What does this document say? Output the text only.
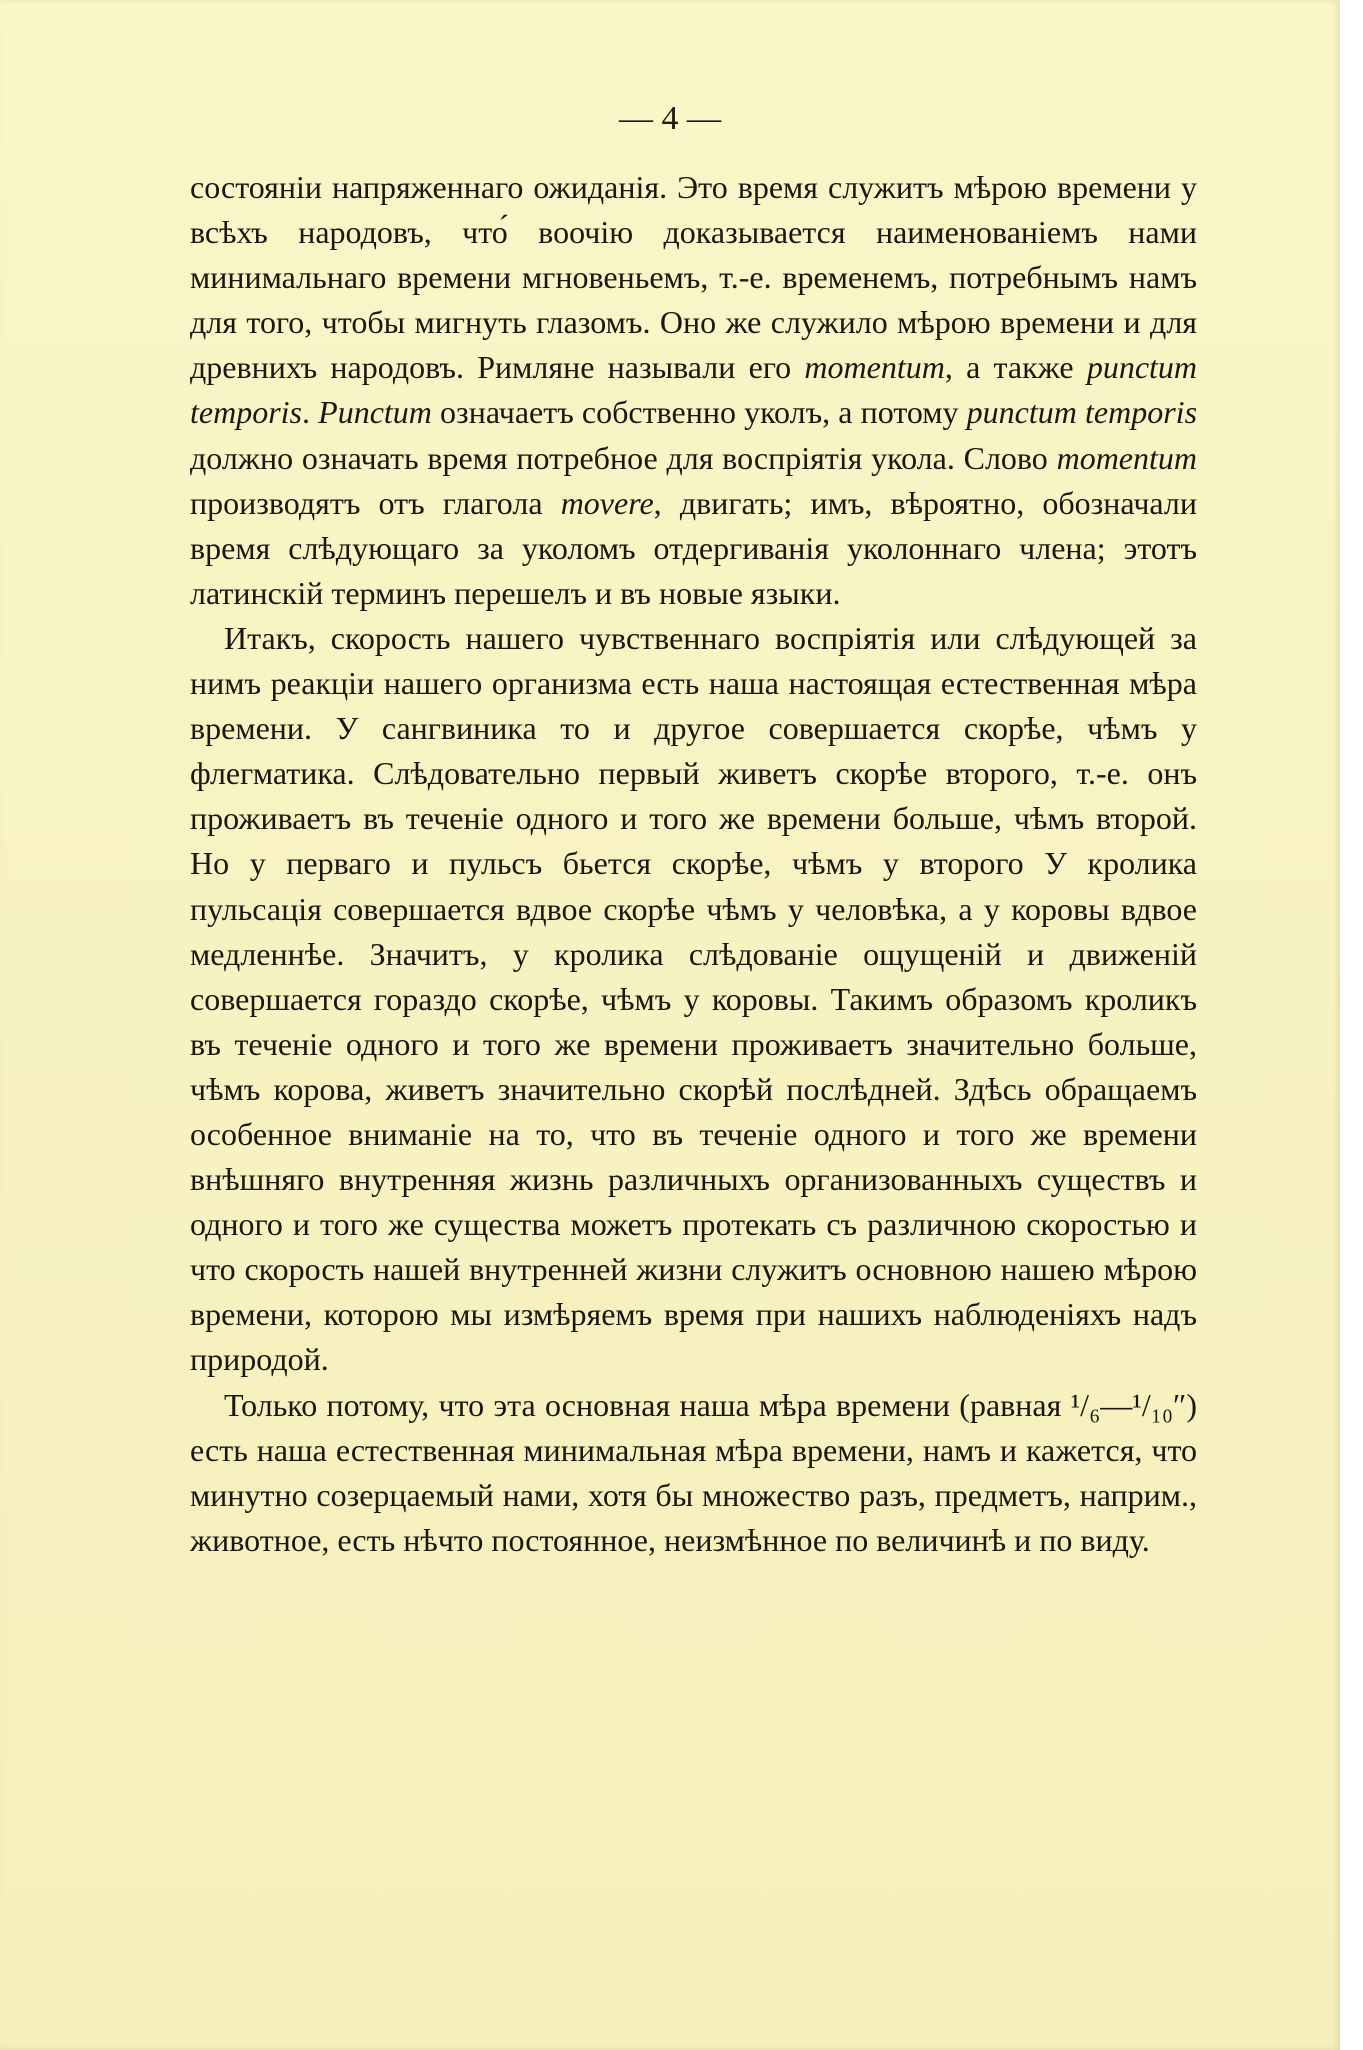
— 4 —

состоянiи напряженнаго ожиданiя. Это время служитъ мѣрою времени у всѣхъ народовъ, что́ воочiю доказывается наименованiемъ нами минимальнаго времени мгновеньемъ, т.-е. временемъ, потребнымъ намъ для того, чтобы мигнуть глазомъ. Оно же служило мѣрою времени и для древнихъ народовъ. Римляне называли его momentum, а также punctum temporis. Punctum означаетъ собственно уколъ, а потому punctum temporis должно означать время потребное для воспрiятiя укола. Слово momentum производятъ отъ глагола movere, двигать; имъ, вѣроятно, обозначали время слѣдующаго за уколомъ отдергиванiя уколоннаго члена; этотъ латинскiй терминъ перешелъ и въ новые языки.

Итакъ, скорость нашего чувственнаго воспрiятiя или слѣдующей за нимъ реакцiи нашего организма есть наша настоящая естественная мѣра времени. У сангвиника то и другое совершается скорѣе, чѣмъ у флегматика. Слѣдовательно первый живетъ скорѣе второго, т.-е. онъ проживаетъ въ теченiе одного и того же времени больше, чѣмъ второй. Но у перваго и пульсъ бьется скорѣе, чѣмъ у второго У кролика пульсацiя совершается вдвое скорѣе чѣмъ у человѣка, а у коровы вдвое медленнѣе. Значитъ, у кролика слѣдованiе ощущенiй и движенiй совершается гораздо скорѣе, чѣмъ у коровы. Такимъ образомъ кроликъ въ теченiе одного и того же времени проживаетъ значительно больше, чѣмъ корова, живетъ значительно скорѣй послѣдней. Здѣсь обращаемъ особенное вниманiе на то, что въ теченiе одного и того же времени внѣшняго внутренняя жизнь различныхъ организованныхъ существъ и одного и того же существа можетъ протекать съ различною скоростью и что скорость нашей внутренней жизни служитъ основною нашею мѣрою времени, которою мы измѣряемъ время при нашихъ наблюденiяхъ надъ природой.

Только потому, что эта основная наша мѣра времени (равная ¹/₆—¹/₁₀″) есть наша естественная минимальная мѣра времени, намъ и кажется, что минутно созерцаемый нами, хотя бы множество разъ, предметъ, наприм., животное, есть нѣчто постоянное, неизмѣнное по величинѣ и по виду.
